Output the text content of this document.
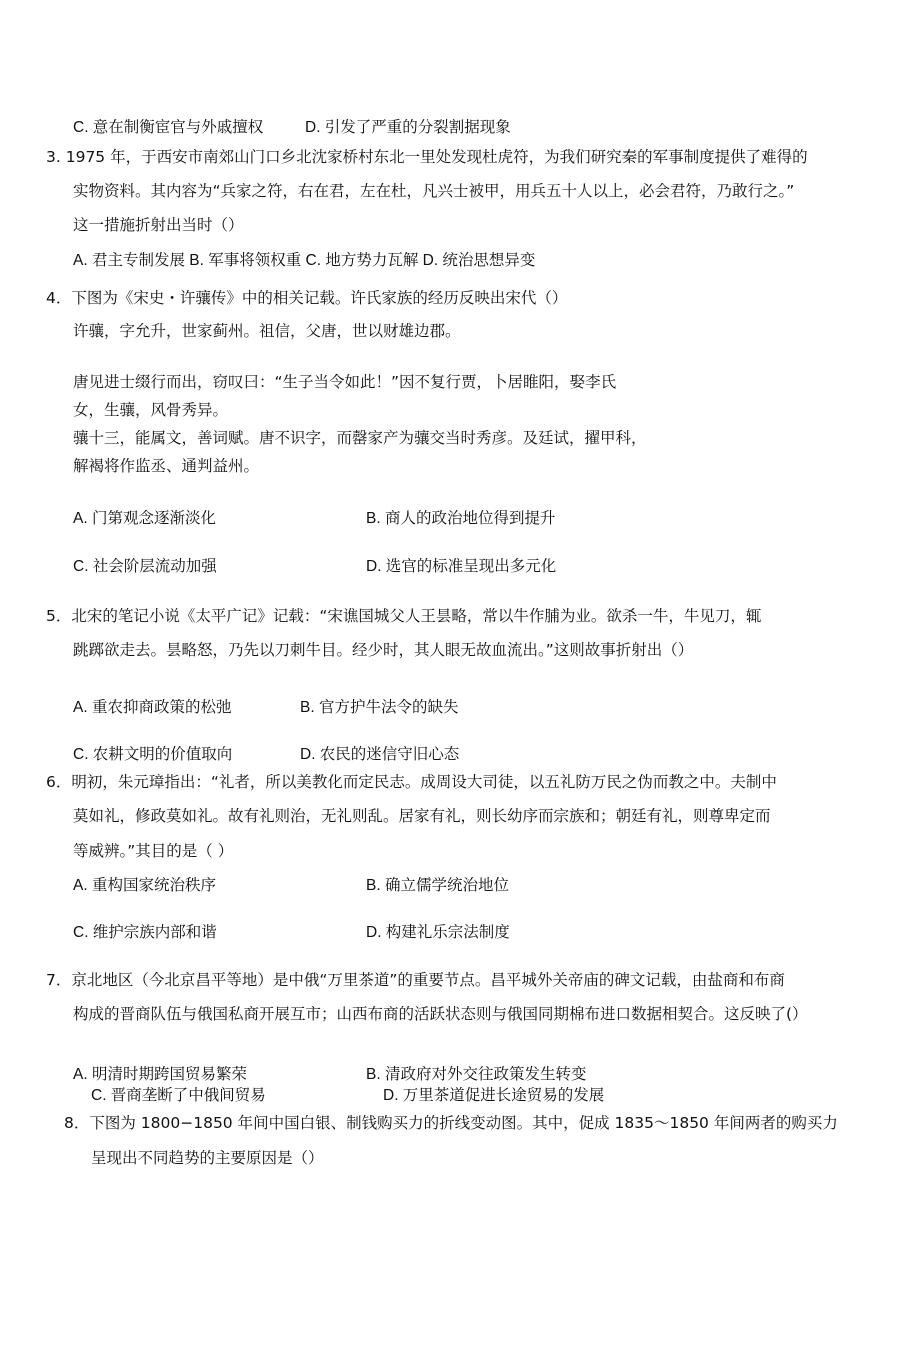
C. 意在制衡宦官与外戚擅权	D. 引发了严重的分裂割据现象
3. 1975 年，于西安市南郊山门口乡北沈家桥村东北一里处发现杜虎符，为我们研究秦的军事制度提供了难得的
实物资料。其内容为“兵家之符，右在君，左在杜，凡兴士被甲，用兵五十人以上，必会君符，乃敢行之。”
这一措施折射出当时（）
A. 君主专制发展 B. 军事将领权重 C. 地方势力瓦解 D. 统治思想异变
4．下图为《宋史・许骧传》中的相关记载。许氏家族的经历反映出宋代（）
许骧，字允升，世家蓟州。祖信，父唐，世以财雄边郡。
唐见进士缀行而出，窃叹曰：“生子当令如此！”因不复行贾，卜居睢阳，娶李氏
女，生骧，风骨秀异。
骧十三，能属文，善词赋。唐不识字，而罄家产为骧交当时秀彦。及廷试，擢甲科，
解褐将作监丞、通判益州。
A. 门第观念逐渐淡化	B. 商人的政治地位得到提升
C. 社会阶层流动加强	D. 选官的标准呈现出多元化
5．北宋的笔记小说《太平广记》记载：“宋谯国城父人王昙略，常以牛作脯为业。欲杀一牛，牛见刀，辄
跳踯欲走去。昙略怒，乃先以刀刺牛目。经少时，其人眼无故血流出。”这则故事折射出（）
A. 重农抑商政策的松弛	B. 官方护牛法令的缺失
C. 农耕文明的价值取向	D. 农民的迷信守旧心态
6．明初，朱元璋指出：“礼者，所以美教化而定民志。成周设大司徒，以五礼防万民之伪而教之中。夫制中
莫如礼，修政莫如礼。故有礼则治，无礼则乱。居家有礼，则长幼序而宗族和；朝廷有礼，则尊卑定而
等威辨。”其目的是（ ）
A. 重构国家统治秩序	B. 确立儒学统治地位
C. 维护宗族内部和谐	D. 构建礼乐宗法制度
7．京北地区（今北京昌平等地）是中俄“万里茶道”的重要节点。昌平城外关帝庙的碑文记载，由盐商和布商
构成的晋商队伍与俄国私商开展互市；山西布商的活跃状态则与俄国同期棉布进口数据相契合。这反映了(）
A. 明清时期跨国贸易繁荣	B. 清政府对外交往政策发生转变
C. 晋商垄断了中俄间贸易	D. 万里茶道促进长途贸易的发展
8．下图为 1800−1850 年间中国白银、制钱购买力的折线变动图。其中，促成 1835～1850 年间两者的购买力
呈现出不同趋势的主要原因是（）
